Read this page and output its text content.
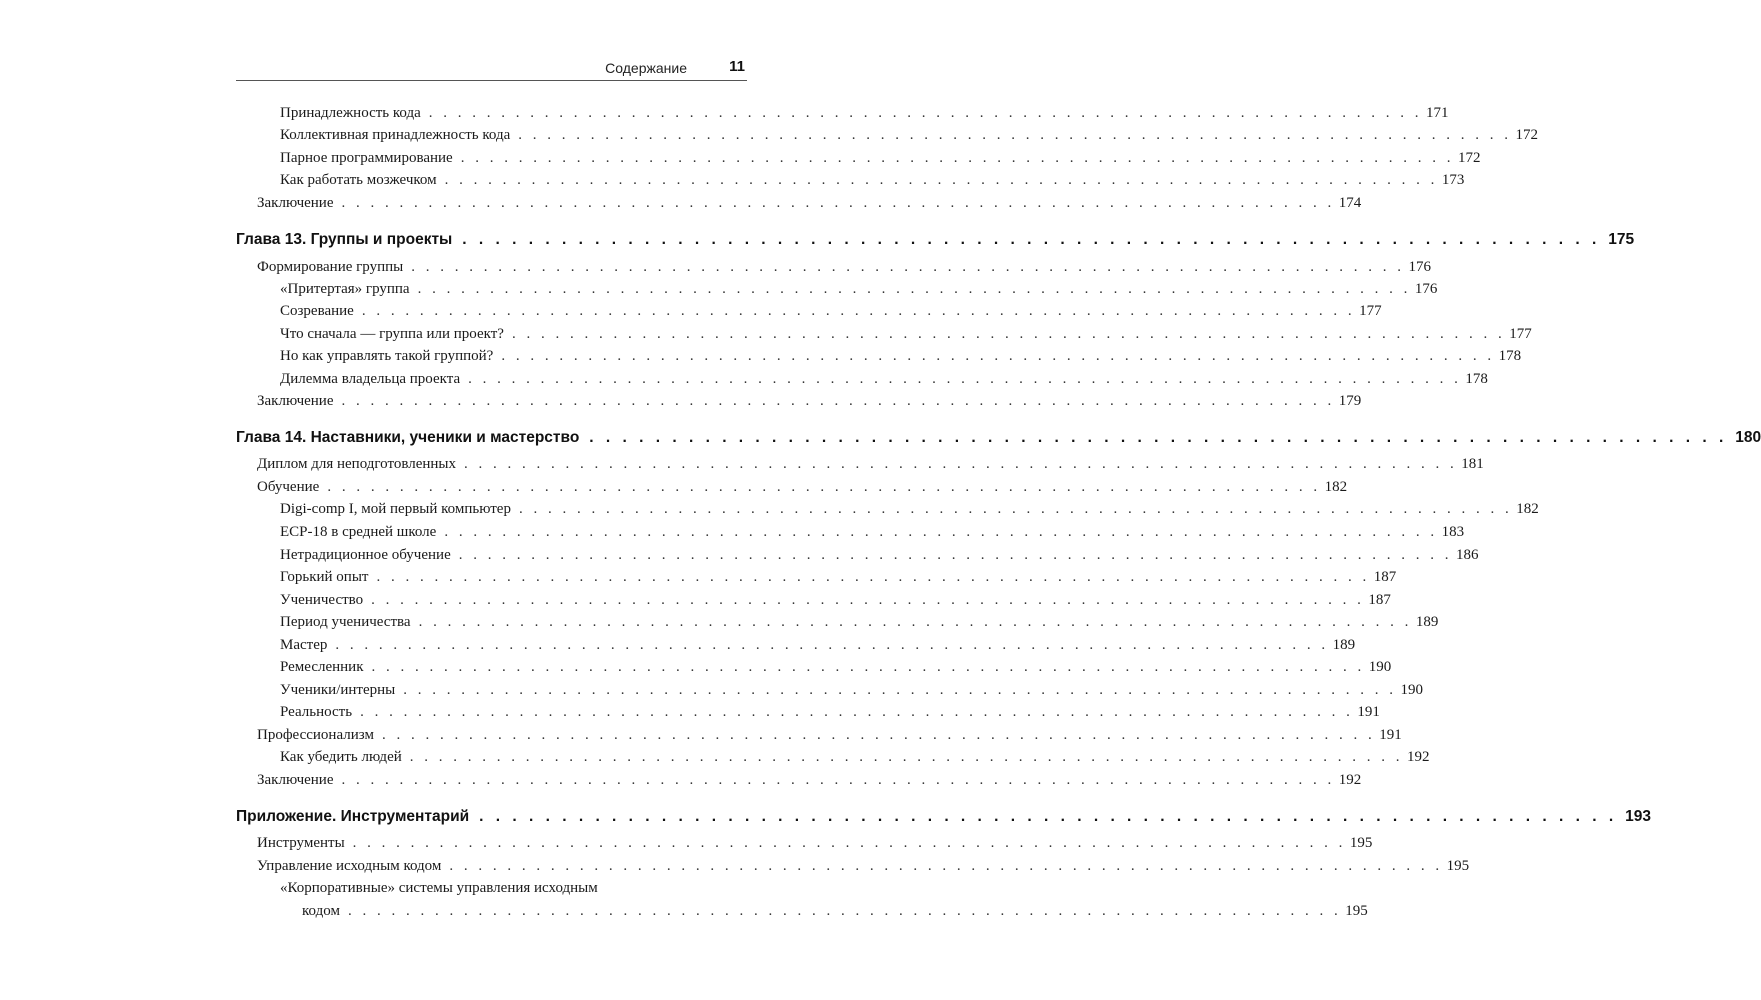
Содержание	11
Принадлежность кода . . . . . . . . . . . . . . . . . . . . . . . . . . . . . . . . . . . . . . . . . . . . . . . . . . . . . . . . . . . . . . . . . . . . . 171
Коллективная принадлежность кода . . . . . . . . . . . . . . . . . . . . . . . . . . . . . . . . . . . . . . . . . . . . . . . . . . . . . . . . . . . . . . . . . . . . . 172
Парное программирование . . . . . . . . . . . . . . . . . . . . . . . . . . . . . . . . . . . . . . . . . . . . . . . . . . . . . . . . . . . . . . . . . . . . . 172
Как работать мозжечком . . . . . . . . . . . . . . . . . . . . . . . . . . . . . . . . . . . . . . . . . . . . . . . . . . . . . . . . . . . . . . . . . . . . . 173
Заключение . . . . . . . . . . . . . . . . . . . . . . . . . . . . . . . . . . . . . . . . . . . . . . . . . . . . . . . . . . . . . . . . . . . . . 174
Глава 13. Группы и проекты . . . . . . . . . . . . . . . . . . . . . . . . . . . . . . . . . . . . . . . . . . . . . . . . . . . . . . . . . . . . . . . . . . . . . 175
Формирование группы . . . . . . . . . . . . . . . . . . . . . . . . . . . . . . . . . . . . . . . . . . . . . . . . . . . . . . . . . . . . . . . . . . . . . 176
«Притертая» группа . . . . . . . . . . . . . . . . . . . . . . . . . . . . . . . . . . . . . . . . . . . . . . . . . . . . . . . . . . . . . . . . . . . . . 176
Созревание . . . . . . . . . . . . . . . . . . . . . . . . . . . . . . . . . . . . . . . . . . . . . . . . . . . . . . . . . . . . . . . . . . . . . 177
Что сначала — группа или проект? . . . . . . . . . . . . . . . . . . . . . . . . . . . . . . . . . . . . . . . . . . . . . . . . . . . . . . . . . . . . . . . . . . . . . 177
Но как управлять такой группой? . . . . . . . . . . . . . . . . . . . . . . . . . . . . . . . . . . . . . . . . . . . . . . . . . . . . . . . . . . . . . . . . . . . . . 178
Дилемма владельца проекта . . . . . . . . . . . . . . . . . . . . . . . . . . . . . . . . . . . . . . . . . . . . . . . . . . . . . . . . . . . . . . . . . . . . . 178
Заключение . . . . . . . . . . . . . . . . . . . . . . . . . . . . . . . . . . . . . . . . . . . . . . . . . . . . . . . . . . . . . . . . . . . . . 179
Глава 14. Наставники, ученики и мастерство . . . . . . . . . . . . . . . . . . . . . . . . . . . . . . . . . . . . . . . . . . . . . . . . . . . . . . . . . . . . . . . . . . . . . 180
Диплом для неподготовленных . . . . . . . . . . . . . . . . . . . . . . . . . . . . . . . . . . . . . . . . . . . . . . . . . . . . . . . . . . . . . . . . . . . . . 181
Обучение . . . . . . . . . . . . . . . . . . . . . . . . . . . . . . . . . . . . . . . . . . . . . . . . . . . . . . . . . . . . . . . . . . . . . 182
Digi-comp I, мой первый компьютер . . . . . . . . . . . . . . . . . . . . . . . . . . . . . . . . . . . . . . . . . . . . . . . . . . . . . . . . . . . . . . . . . . . . . 182
ECP-18 в средней школе . . . . . . . . . . . . . . . . . . . . . . . . . . . . . . . . . . . . . . . . . . . . . . . . . . . . . . . . . . . . . . . . . . . . . 183
Нетрадиционное обучение . . . . . . . . . . . . . . . . . . . . . . . . . . . . . . . . . . . . . . . . . . . . . . . . . . . . . . . . . . . . . . . . . . . . . 186
Горький опыт . . . . . . . . . . . . . . . . . . . . . . . . . . . . . . . . . . . . . . . . . . . . . . . . . . . . . . . . . . . . . . . . . . . . . 187
Ученичество . . . . . . . . . . . . . . . . . . . . . . . . . . . . . . . . . . . . . . . . . . . . . . . . . . . . . . . . . . . . . . . . . . . . . 187
Период ученичества . . . . . . . . . . . . . . . . . . . . . . . . . . . . . . . . . . . . . . . . . . . . . . . . . . . . . . . . . . . . . . . . . . . . . 189
Мастер . . . . . . . . . . . . . . . . . . . . . . . . . . . . . . . . . . . . . . . . . . . . . . . . . . . . . . . . . . . . . . . . . . . . . 189
Ремесленник . . . . . . . . . . . . . . . . . . . . . . . . . . . . . . . . . . . . . . . . . . . . . . . . . . . . . . . . . . . . . . . . . . . . . 190
Ученики/интерны . . . . . . . . . . . . . . . . . . . . . . . . . . . . . . . . . . . . . . . . . . . . . . . . . . . . . . . . . . . . . . . . . . . . . 190
Реальность . . . . . . . . . . . . . . . . . . . . . . . . . . . . . . . . . . . . . . . . . . . . . . . . . . . . . . . . . . . . . . . . . . . . . 191
Профессионализм . . . . . . . . . . . . . . . . . . . . . . . . . . . . . . . . . . . . . . . . . . . . . . . . . . . . . . . . . . . . . . . . . . . . . 191
Как убедить людей . . . . . . . . . . . . . . . . . . . . . . . . . . . . . . . . . . . . . . . . . . . . . . . . . . . . . . . . . . . . . . . . . . . . . 192
Заключение . . . . . . . . . . . . . . . . . . . . . . . . . . . . . . . . . . . . . . . . . . . . . . . . . . . . . . . . . . . . . . . . . . . . . 192
Приложение. Инструментарий . . . . . . . . . . . . . . . . . . . . . . . . . . . . . . . . . . . . . . . . . . . . . . . . . . . . . . . . . . . . . . . . . . . . . 193
Инструменты . . . . . . . . . . . . . . . . . . . . . . . . . . . . . . . . . . . . . . . . . . . . . . . . . . . . . . . . . . . . . . . . . . . . . 195
Управление исходным кодом . . . . . . . . . . . . . . . . . . . . . . . . . . . . . . . . . . . . . . . . . . . . . . . . . . . . . . . . . . . . . . . . . . . . . 195
«Корпоративные» системы управления исходным
кодом . . . . . . . . . . . . . . . . . . . . . . . . . . . . . . . . . . . . . . . . . . . . . . . . . . . . . . . . . . . . . . . . . . . . . 195
